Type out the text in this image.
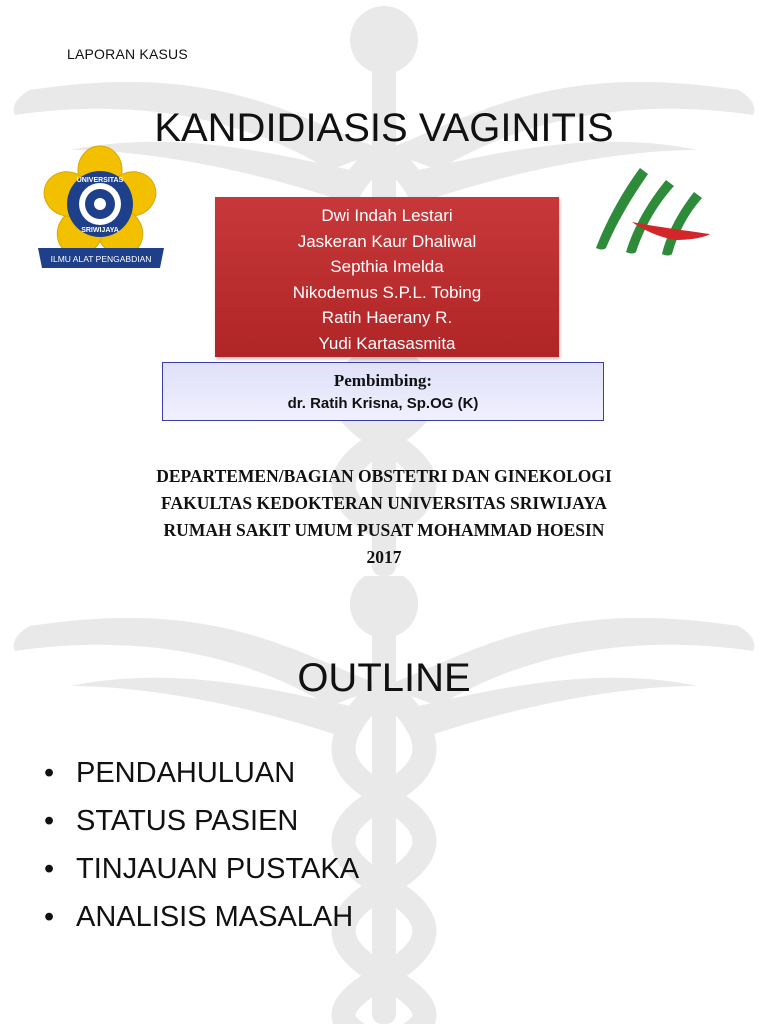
LAPORAN KASUS
KANDIDIASIS VAGINITIS
UNIVERSITAS
SRIWIJAYA
ILMU ALAT PENGABDIAN
Dwi Indah Lestari
Jaskeran Kaur Dhaliwal
Septhia Imelda
Nikodemus S.P.L. Tobing
Ratih Haerany R.
Yudi Kartasasmita
Pembimbing:
dr. Ratih Krisna, Sp.OG (K)
DEPARTEMEN/BAGIAN OBSTETRI DAN GINEKOLOGI
FAKULTAS KEDOKTERAN UNIVERSITAS SRIWIJAYA
RUMAH SAKIT UMUM PUSAT MOHAMMAD HOESIN
2017
OUTLINE
• PENDAHULUAN
• STATUS PASIEN
• TINJAUAN PUSTAKA
• ANALISIS MASALAH
